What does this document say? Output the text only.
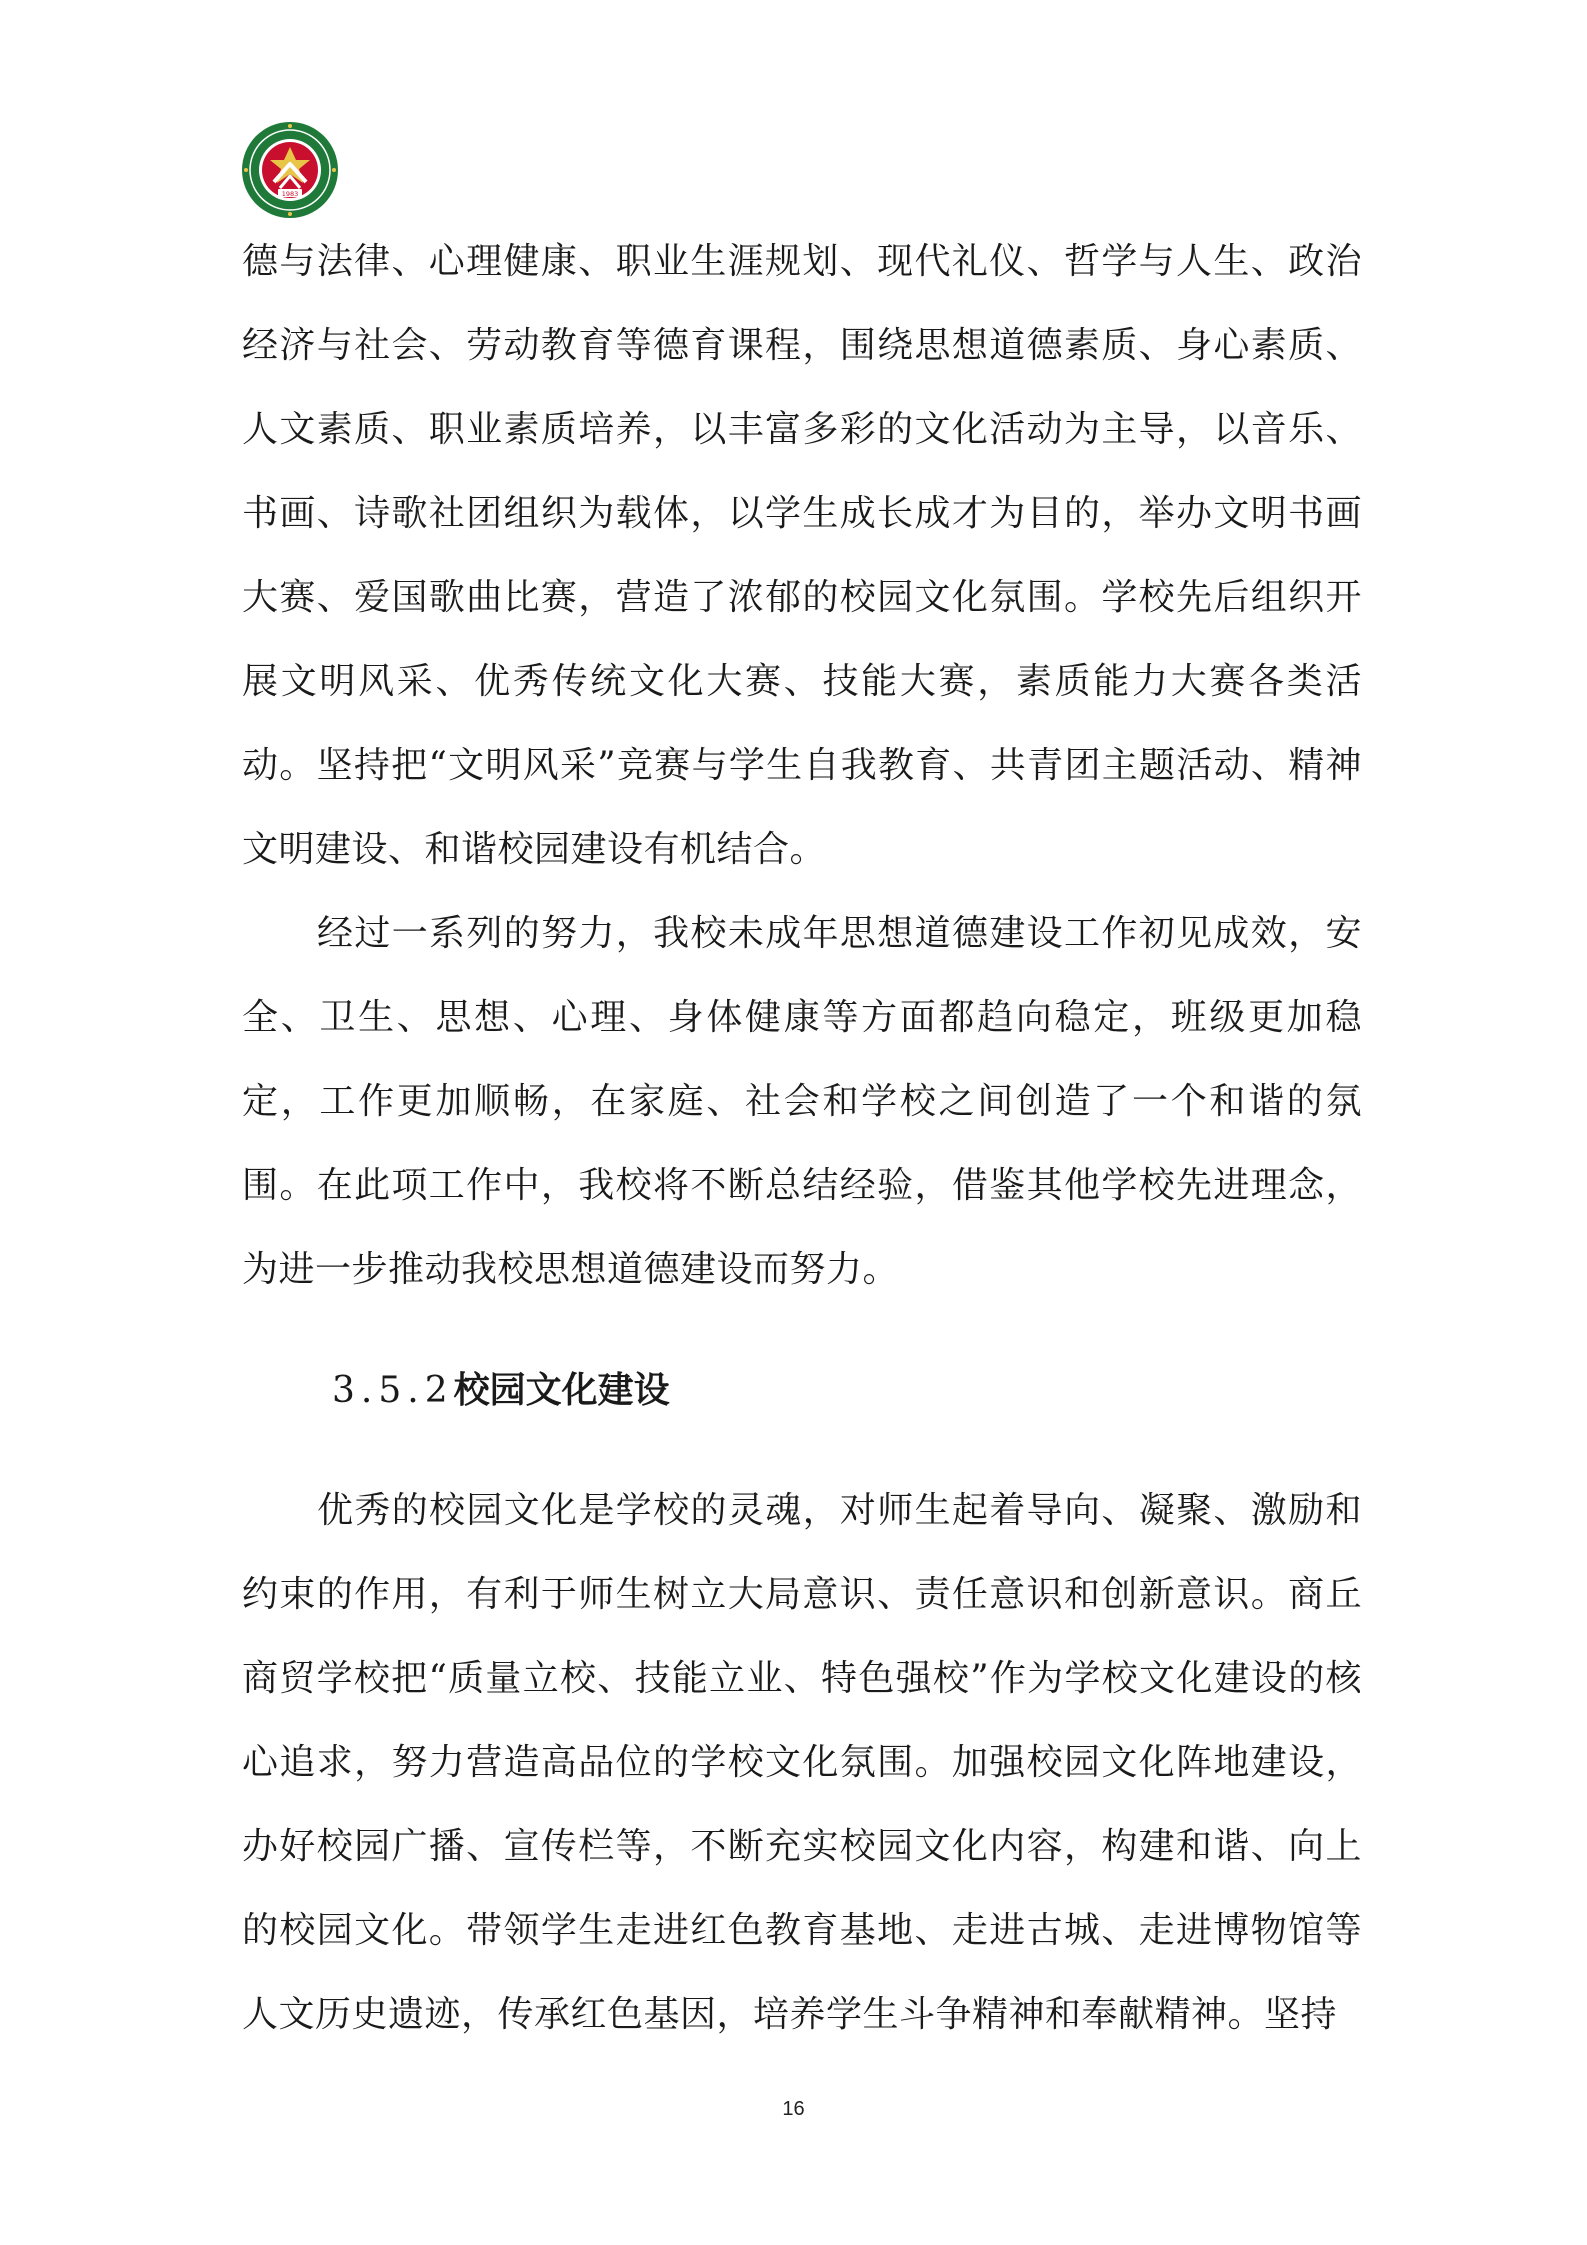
1983

德与法律、心理健康、职业生涯规划、现代礼仪、哲学与人生、政治经济与社会、劳动教育等德育课程，围绕思想道德素质、身心素质、人文素质、职业素质培养，以丰富多彩的文化活动为主导，以音乐、书画、诗歌社团组织为载体，以学生成长成才为目的，举办文明书画大赛、爱国歌曲比赛，营造了浓郁的校园文化氛围。学校先后组织开展文明风采、优秀传统文化大赛、技能大赛，素质能力大赛各类活动。坚持把“文明风采”竞赛与学生自我教育、共青团主题活动、精神文明建设、和谐校园建设有机结合。

经过一系列的努力，我校未成年思想道德建设工作初见成效，安全、卫生、思想、心理、身体健康等方面都趋向稳定，班级更加稳定，工作更加顺畅，在家庭、社会和学校之间创造了一个和谐的氛围。在此项工作中，我校将不断总结经验，借鉴其他学校先进理念，为进一步推动我校思想道德建设而努力。

3.5.2校园文化建设

优秀的校园文化是学校的灵魂，对师生起着导向、凝聚、激励和约束的作用，有利于师生树立大局意识、责任意识和创新意识。商丘商贸学校把“质量立校、技能立业、特色强校”作为学校文化建设的核心追求，努力营造高品位的学校文化氛围。加强校园文化阵地建设，办好校园广播、宣传栏等，不断充实校园文化内容，构建和谐、向上的校园文化。带领学生走进红色教育基地、走进古城、走进博物馆等人文历史遗迹，传承红色基因，培养学生斗争精神和奉献精神。坚持

16
